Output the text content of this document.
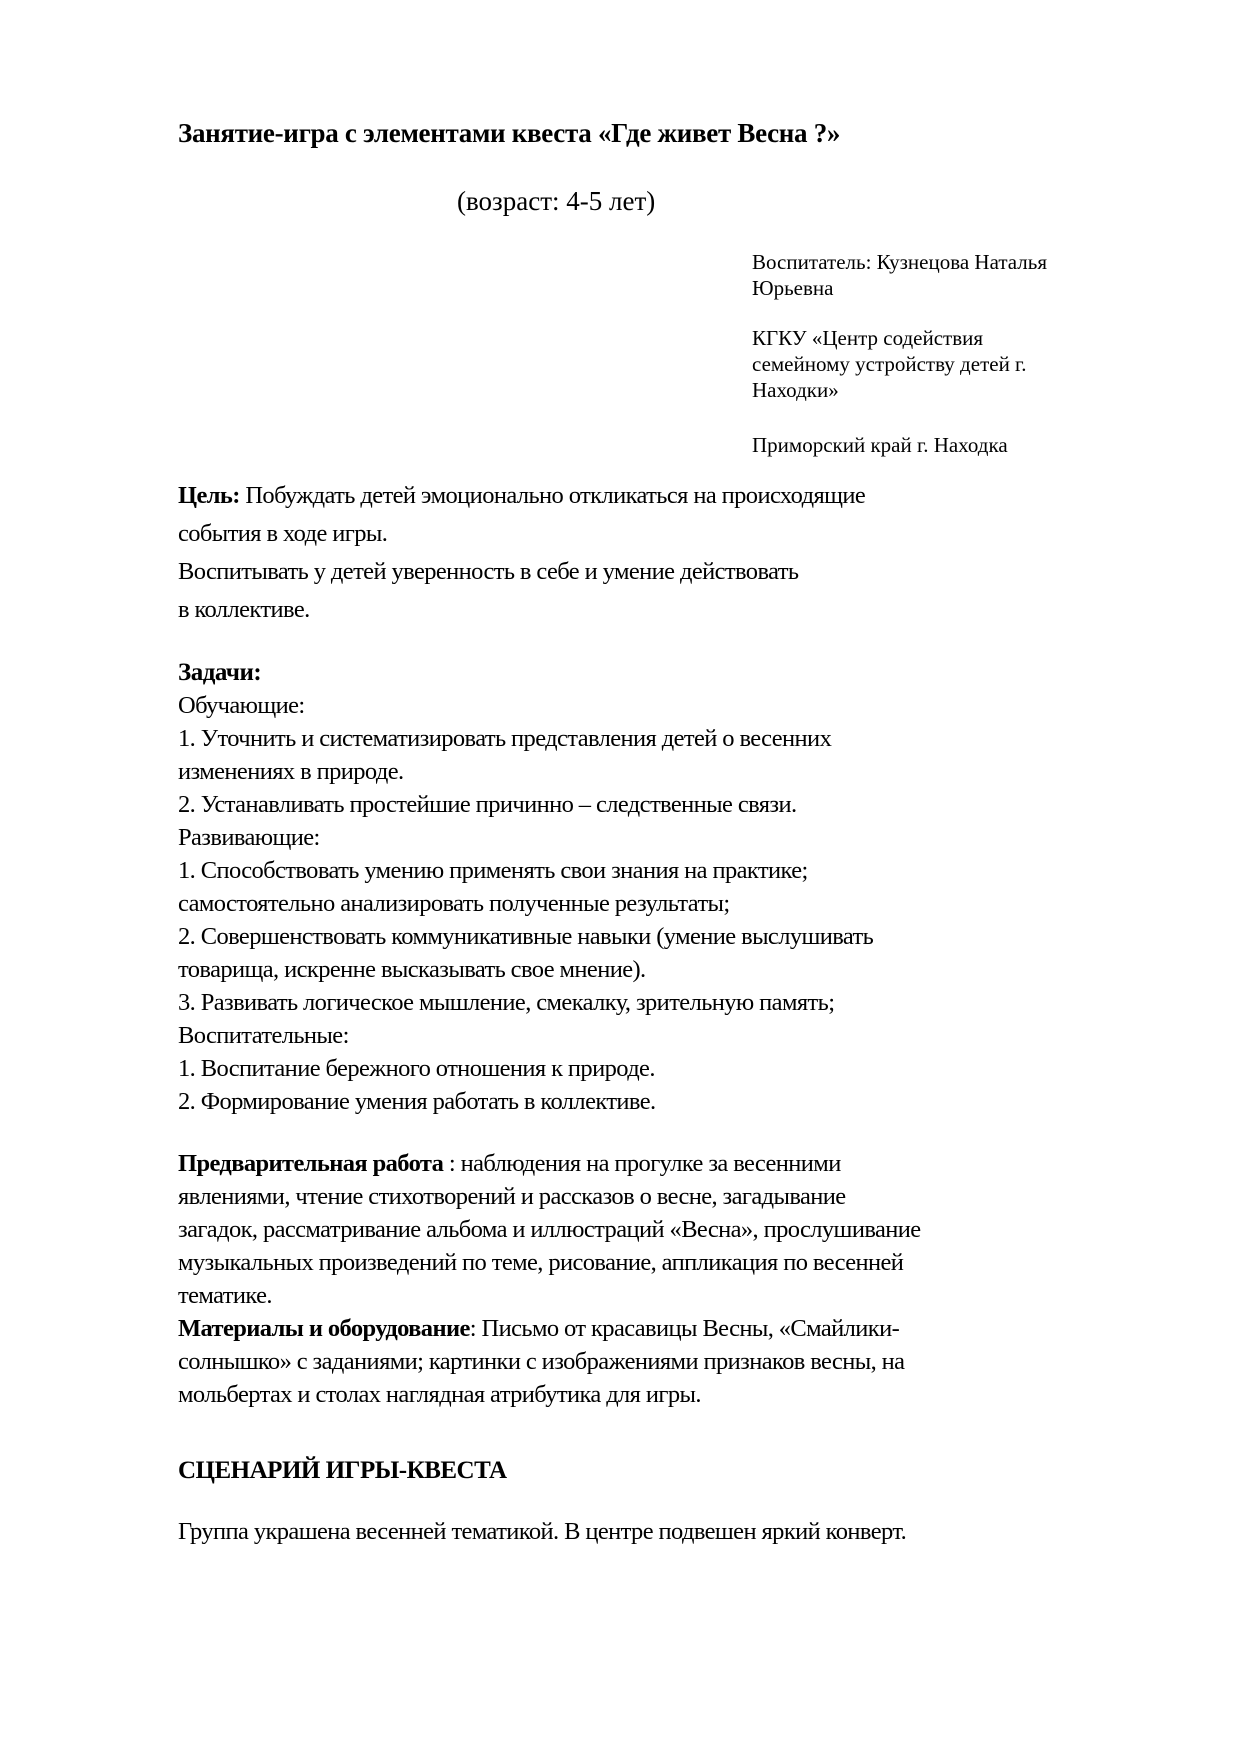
Занятие-игра с элементами квеста «Где живет Весна ?»
(возраст: 4-5 лет)
Воспитатель: Кузнецова Наталья
Юрьевна
КГКУ «Центр содействия
семейному устройству детей г.
Находки»
Приморский край г. Находка
Цель: Побуждать детей эмоционально откликаться на происходящие
события в ходе игры.
Воспитывать у детей уверенность в себе и умение действовать
в коллективе.
Задачи:
Обучающие:
1. Уточнить и систематизировать представления детей о весенних
изменениях в природе.
2. Устанавливать простейшие причинно – следственные связи.
Развивающие:
1. Способствовать умению применять свои знания на практике;
самостоятельно анализировать полученные результаты;
2. Совершенствовать коммуникативные навыки (умение выслушивать
товарища, искренне высказывать свое мнение).
3. Развивать логическое мышление, смекалку, зрительную память;
Воспитательные:
1. Воспитание бережного отношения к природе.
2. Формирование умения работать в коллективе.
Предварительная работа : наблюдения на прогулке за весенними
явлениями, чтение стихотворений и рассказов о весне, загадывание
загадок, рассматривание альбома и иллюстраций «Весна», прослушивание
музыкальных произведений по теме, рисование, аппликация по весенней
тематике.
Материалы и оборудование: Письмо от красавицы Весны, «Смайлики-
солнышко» с заданиями; картинки с изображениями признаков весны, на
мольбертах и столах наглядная атрибутика для игры.
СЦЕНАРИЙ ИГРЫ-КВЕСТА
Группа украшена весенней тематикой. В центре подвешен яркий конверт.
